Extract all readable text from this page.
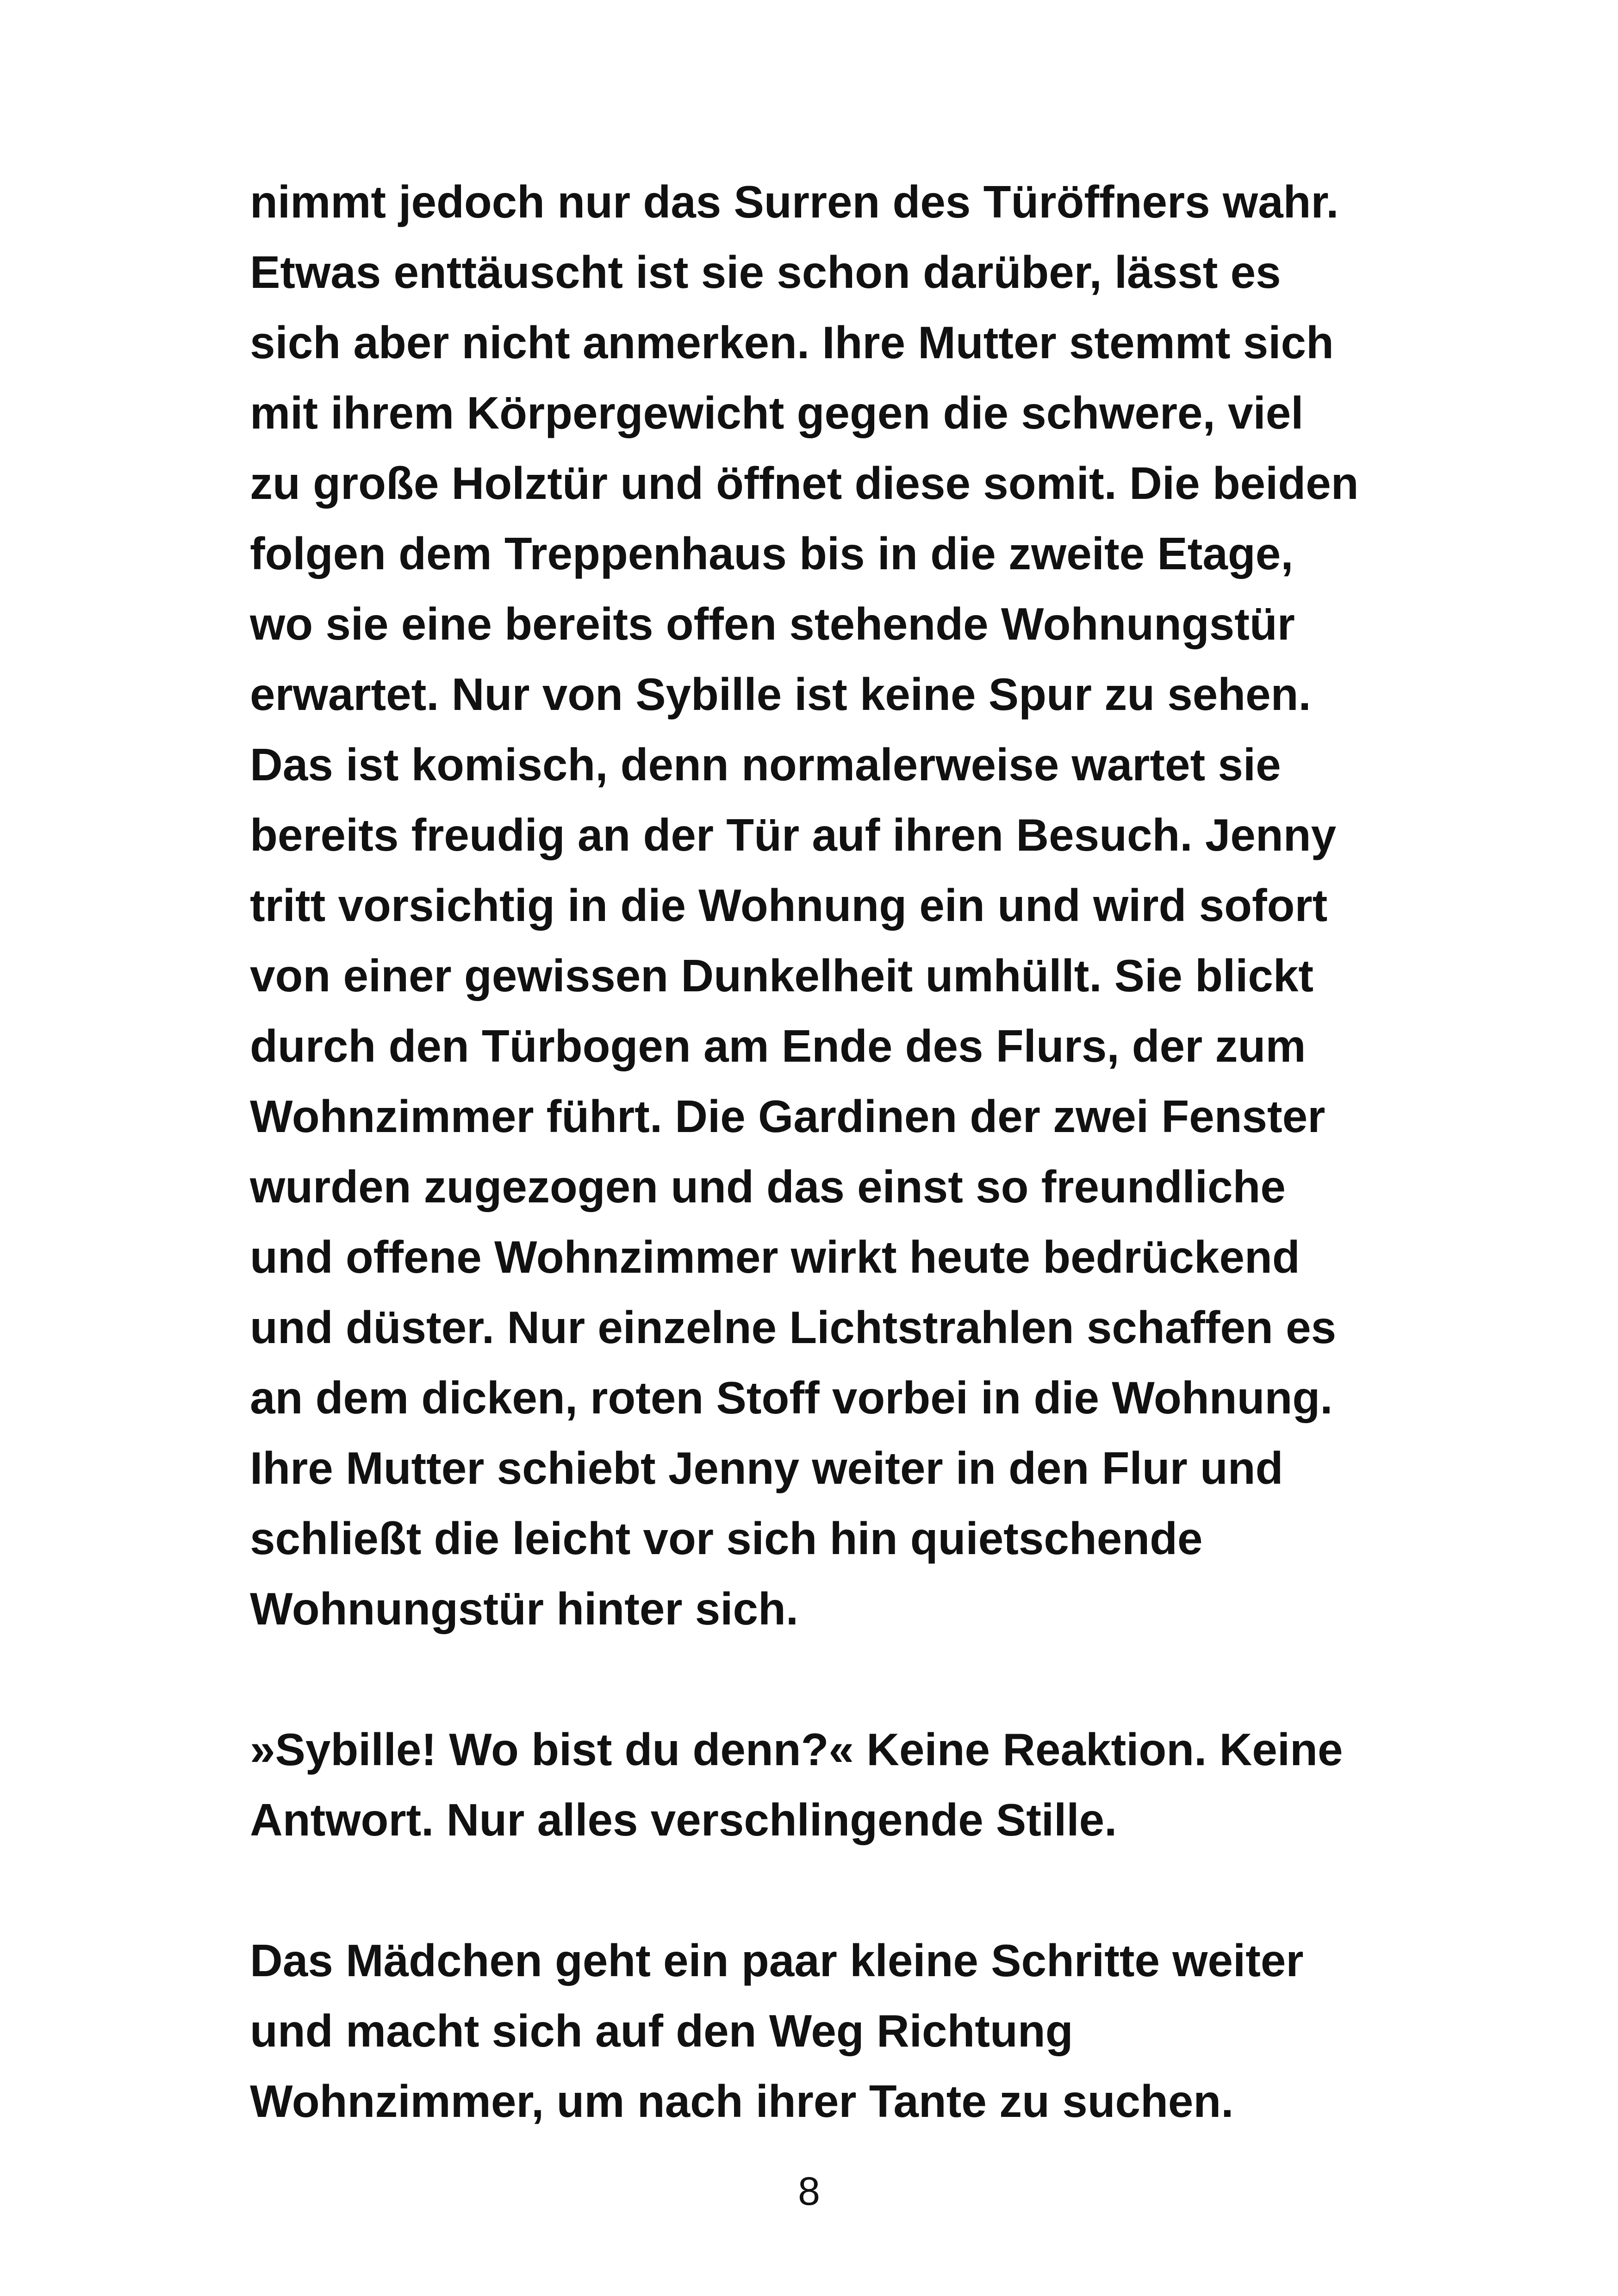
nimmt jedoch nur das Surren des Türöffners wahr.
Etwas enttäuscht ist sie schon darüber, lässt es
sich aber nicht anmerken. Ihre Mutter stemmt sich
mit ihrem Körpergewicht gegen die schwere, viel
zu große Holztür und öffnet diese somit. Die beiden
folgen dem Treppenhaus bis in die zweite Etage,
wo sie eine bereits offen stehende Wohnungstür
erwartet. Nur von Sybille ist keine Spur zu sehen.
Das ist komisch, denn normalerweise wartet sie
bereits freudig an der Tür auf ihren Besuch. Jenny
tritt vorsichtig in die Wohnung ein und wird sofort
von einer gewissen Dunkelheit umhüllt. Sie blickt
durch den Türbogen am Ende des Flurs, der zum
Wohnzimmer führt. Die Gardinen der zwei Fenster
wurden zugezogen und das einst so freundliche
und offene Wohnzimmer wirkt heute bedrückend
und düster. Nur einzelne Lichtstrahlen schaffen es
an dem dicken, roten Stoff vorbei in die Wohnung.
Ihre Mutter schiebt Jenny weiter in den Flur und
schließt die leicht vor sich hin quietschende
Wohnungstür hinter sich.
»Sybille! Wo bist du denn?« Keine Reaktion. Keine
Antwort. Nur alles verschlingende Stille.
Das Mädchen geht ein paar kleine Schritte weiter
und macht sich auf den Weg Richtung
Wohnzimmer, um nach ihrer Tante zu suchen.
8
